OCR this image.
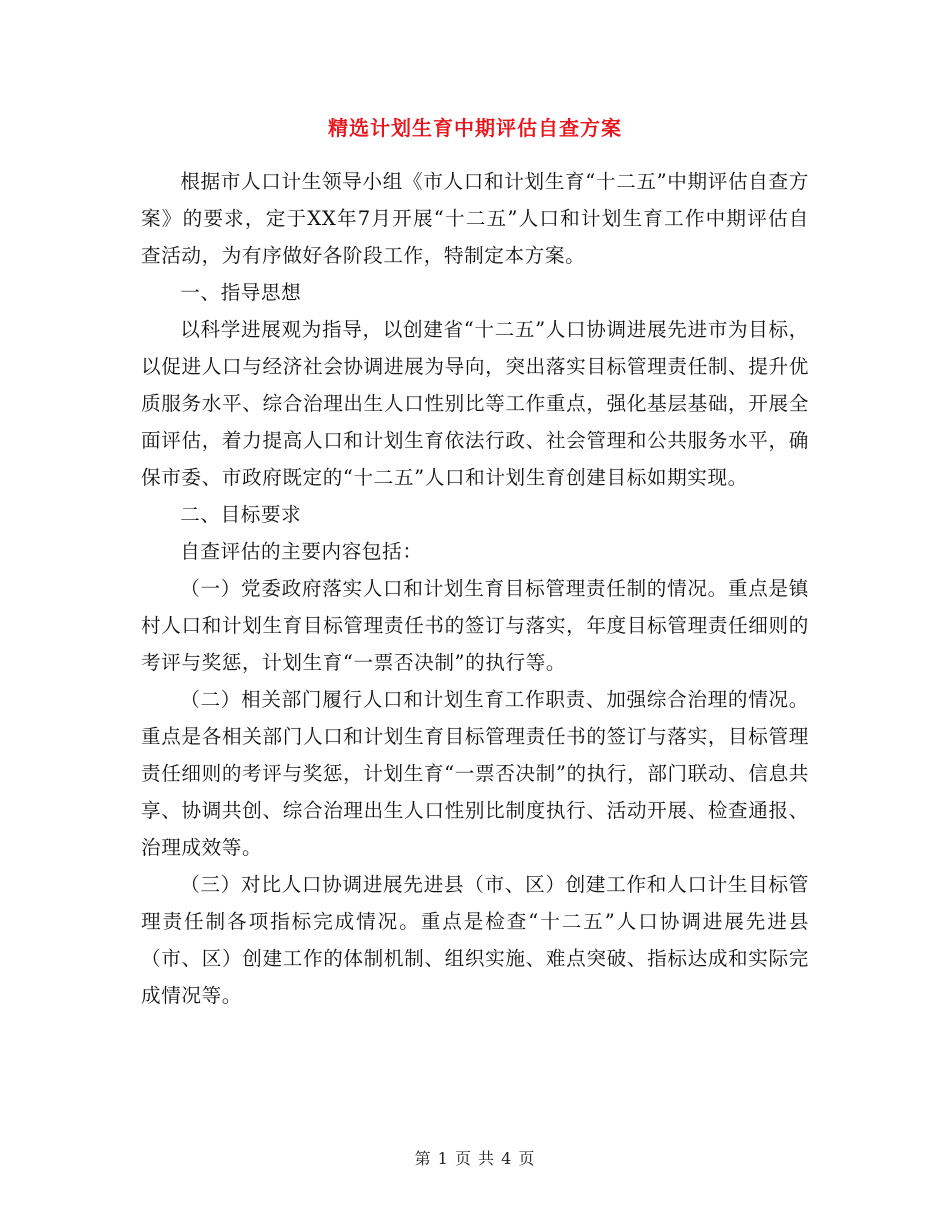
精选计划生育中期评估自查方案

根据市人口计生领导小组《市人口和计划生育“十二五”中期评估自查方案》的要求，定于XX年7月开展“十二五”人口和计划生育工作中期评估自查活动，为有序做好各阶段工作，特制定本方案。

一、指导思想

以科学进展观为指导，以创建省“十二五”人口协调进展先进市为目标，以促进人口与经济社会协调进展为导向，突出落实目标管理责任制、提升优质服务水平、综合治理出生人口性别比等工作重点，强化基层基础，开展全面评估，着力提高人口和计划生育依法行政、社会管理和公共服务水平，确保市委、市政府既定的“十二五”人口和计划生育创建目标如期实现。

二、目标要求

自查评估的主要内容包括：

（一）党委政府落实人口和计划生育目标管理责任制的情况。重点是镇村人口和计划生育目标管理责任书的签订与落实，年度目标管理责任细则的考评与奖惩，计划生育“一票否决制”的执行等。

（二）相关部门履行人口和计划生育工作职责、加强综合治理的情况。重点是各相关部门人口和计划生育目标管理责任书的签订与落实，目标管理责任细则的考评与奖惩，计划生育“一票否决制”的执行，部门联动、信息共享、协调共创、综合治理出生人口性别比制度执行、活动开展、检查通报、治理成效等。

（三）对比人口协调进展先进县（市、区）创建工作和人口计生目标管理责任制各项指标完成情况。重点是检查“十二五”人口协调进展先进县（市、区）创建工作的体制机制、组织实施、难点突破、指标达成和实际完成情况等。

第 1 页 共 4 页
